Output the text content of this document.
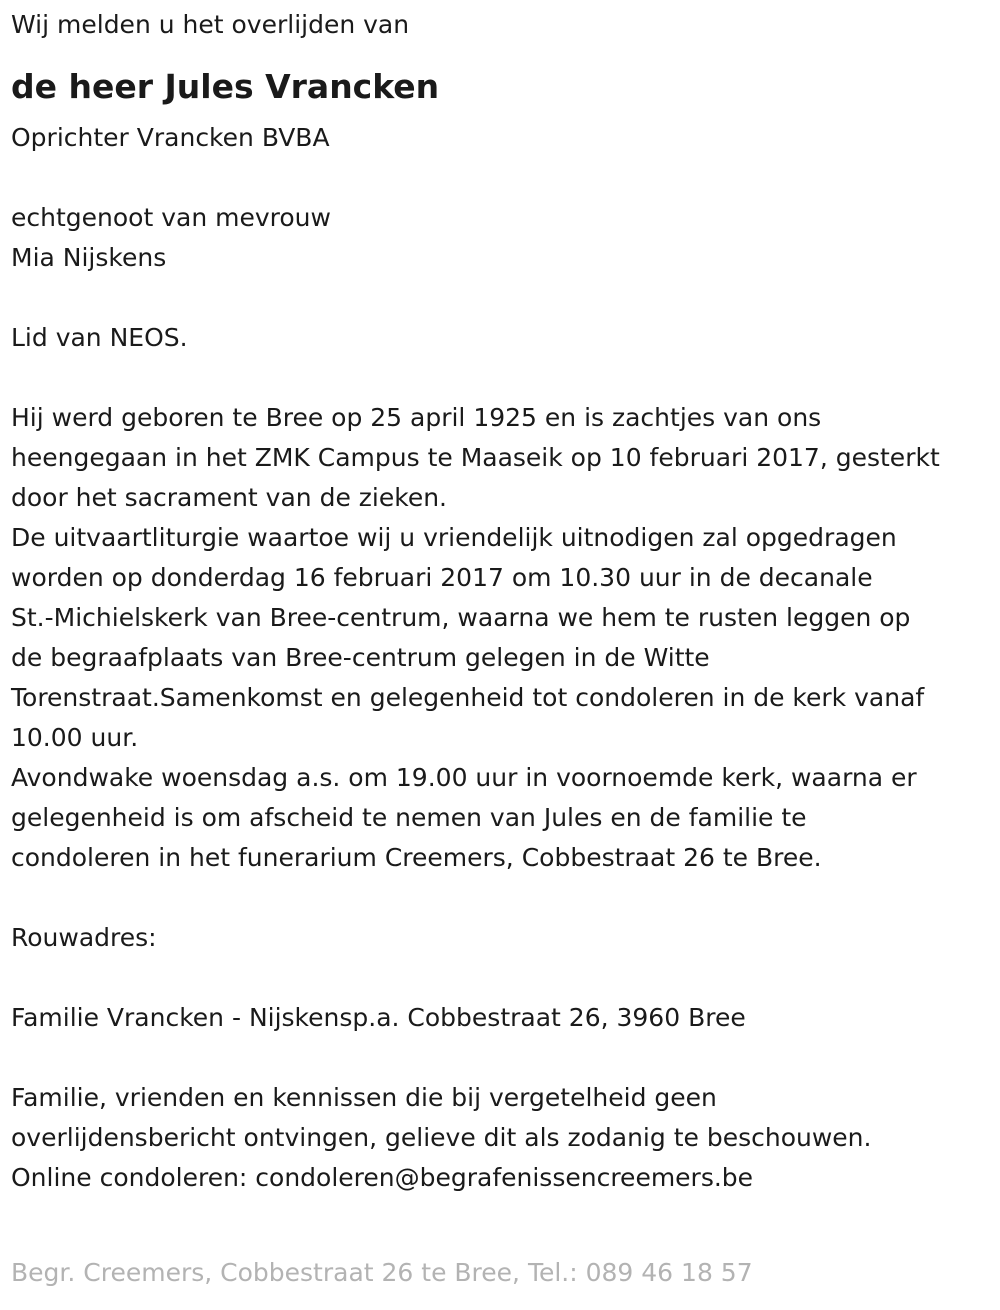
Wij melden u het overlijden van
de heer Jules Vrancken
Oprichter Vrancken BVBA
echtgenoot van mevrouw
Mia Nijskens
Lid van NEOS.
Hij werd geboren te Bree op 25 april 1925 en is zachtjes van ons
heengegaan in het ZMK Campus te Maaseik op 10 februari 2017, gesterkt
door het sacrament van de zieken.
De uitvaartliturgie waartoe wij u vriendelijk uitnodigen zal opgedragen
worden op donderdag 16 februari 2017 om 10.30 uur in de decanale
St.-Michielskerk van Bree-centrum, waarna we hem te rusten leggen op
de begraafplaats van Bree-centrum gelegen in de Witte
Torenstraat.Samenkomst en gelegenheid tot condoleren in de kerk vanaf
10.00 uur.
Avondwake woensdag a.s. om 19.00 uur in voornoemde kerk, waarna er
gelegenheid is om afscheid te nemen van Jules en de familie te
condoleren in het funerarium Creemers, Cobbestraat 26 te Bree.
Rouwadres:
Familie Vrancken - Nijskensp.a. Cobbestraat 26, 3960 Bree
Familie, vrienden en kennissen die bij vergetelheid geen
overlijdensbericht ontvingen, gelieve dit als zodanig te beschouwen.
Online condoleren: condoleren@begrafenissencreemers.be
Begr. Creemers, Cobbestraat 26 te Bree, Tel.: 089 46 18 57
